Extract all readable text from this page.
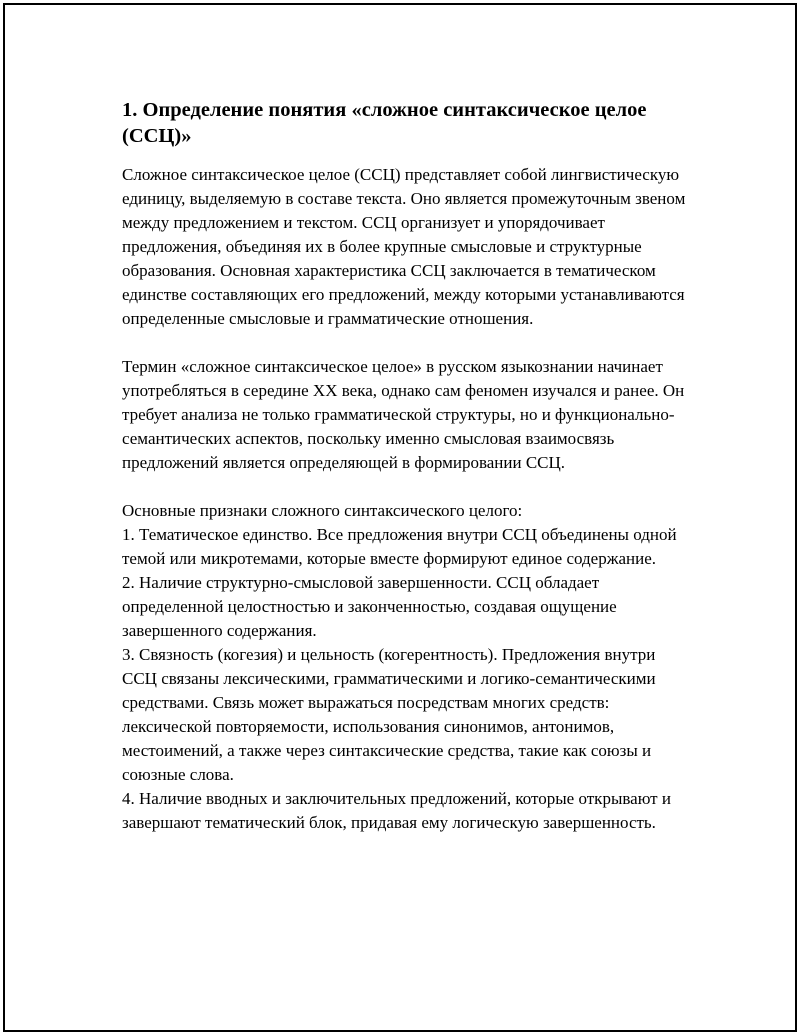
1. Определение понятия «сложное синтаксическое целое (ССЦ)»

Сложное синтаксическое целое (ССЦ) представляет собой лингвистическую единицу, выделяемую в составе текста. Оно является промежуточным звеном между предложением и текстом. ССЦ организует и упорядочивает предложения, объединяя их в более крупные смысловые и структурные образования. Основная характеристика ССЦ заключается в тематическом единстве составляющих его предложений, между которыми устанавливаются определенные смысловые и грамматические отношения.

Термин «сложное синтаксическое целое» в русском языкознании начинает употребляться в середине XX века, однако сам феномен изучался и ранее. Он требует анализа не только грамматической структуры, но и функционально-семантических аспектов, поскольку именно смысловая взаимосвязь предложений является определяющей в формировании ССЦ.

Основные признаки сложного синтаксического целого:

1. Тематическое единство. Все предложения внутри ССЦ объединены одной темой или микротемами, которые вместе формируют единое содержание.

2. Наличие структурно-смысловой завершенности. ССЦ обладает определенной целостностью и законченностью, создавая ощущение завершенного содержания.

3. Связность (когезия) и цельность (когерентность). Предложения внутри ССЦ связаны лексическими, грамматическими и логико-семантическими средствами. Связь может выражаться посредствам многих средств: лексической повторяемости, использования синонимов, антонимов, местоимений, а также через синтаксические средства, такие как союзы и союзные слова.

4. Наличие вводных и заключительных предложений, которые открывают и завершают тематический блок, придавая ему логическую завершенность.
